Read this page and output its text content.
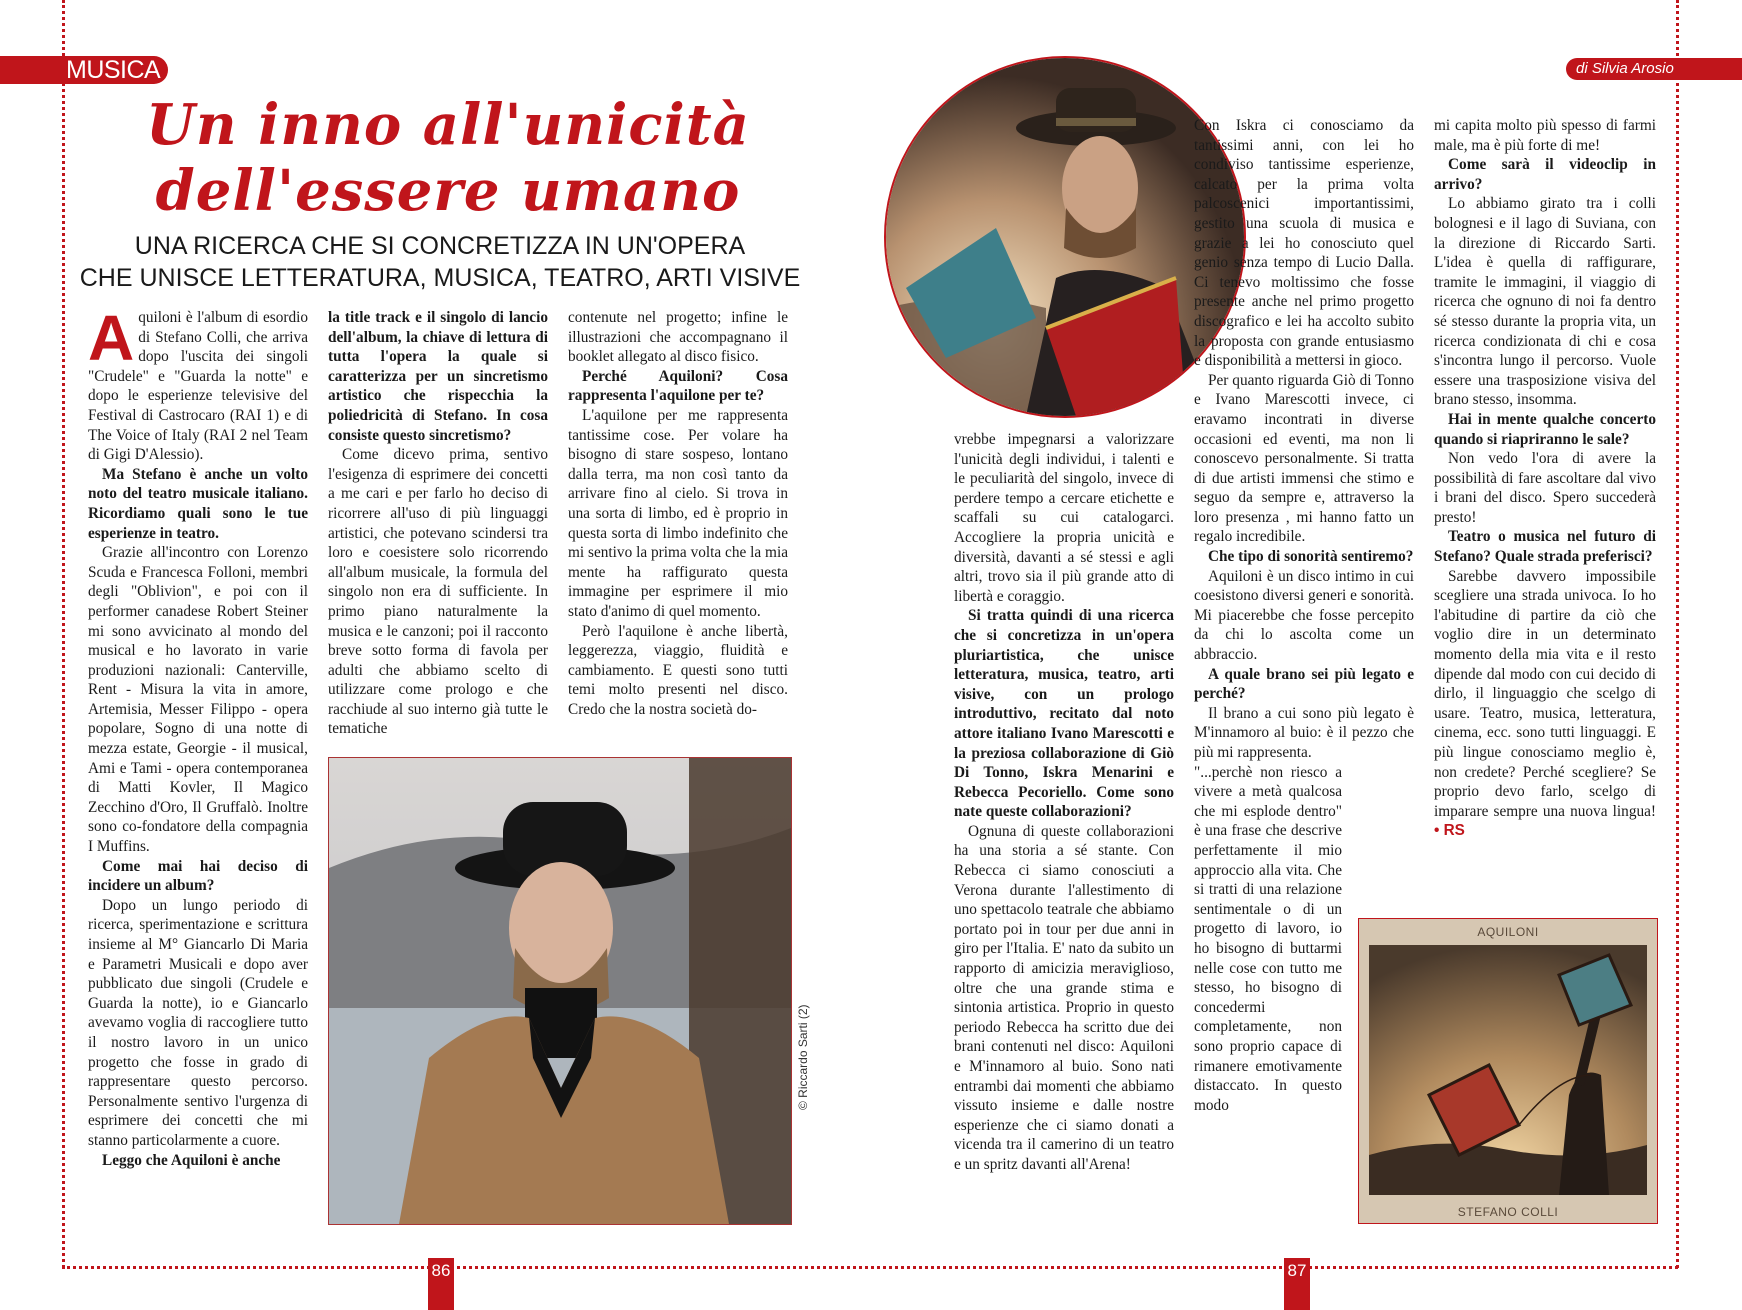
MUSICA	di Silvia Arosio
Un inno all'unicità
dell'essere umano
UNA RICERCA CHE SI CONCRETIZZA IN UN'OPERA
CHE UNISCE LETTERATURA, MUSICA, TEATRO, ARTI VISIVE

Aquiloni è l'album di esordio di Stefano Colli, che arriva dopo l'uscita dei singoli "Crudele" e "Guarda la notte" e dopo le esperienze televisive del Festival di Castrocaro (RAI 1) e di The Voice of Italy (RAI 2 nel Team di Gigi D'Alessio).

Ma Stefano è anche un volto noto del teatro musicale italiano. Ricordiamo quali sono le tue esperienze in teatro.

Grazie all'incontro con Lorenzo Scuda e Francesca Folloni, membri degli "Oblivion", e poi con il performer canadese Robert Steiner mi sono avvicinato al mondo del musical e ho lavorato in varie produzioni nazionali: Canterville, Rent - Misura la vita in amore, Artemisia, Messer Filippo - opera popolare, Sogno di una notte di mezza estate, Georgie - il musical, Ami e Tami - opera contemporanea di Matti Kovler, Il Magico Zecchino d'Oro, Il Gruffalò. Inoltre sono co-fondatore della compagnia I Muffins.

Come mai hai deciso di incidere un album?

Dopo un lungo periodo di ricerca, sperimentazione e scrittura insieme al M° Giancarlo Di Maria e Parametri Musicali e dopo aver pubblicato due singoli (Crudele e Guarda la notte), io e Giancarlo avevamo voglia di raccogliere tutto il nostro lavoro in un unico progetto che fosse in grado di rappresentare questo percorso. Personalmente sentivo l'urgenza di esprimere dei concetti che mi stanno particolarmente a cuore.

Leggo che Aquiloni è anche

la title track e il singolo di lancio dell'album, la chiave di lettura di tutta l'opera la quale si caratterizza per un sincretismo artistico che rispecchia la poliedricità di Stefano. In cosa consiste questo sincretismo?

Come dicevo prima, sentivo l'esigenza di esprimere dei concetti a me cari e per farlo ho deciso di ricorrere all'uso di più linguaggi artistici, che potevano scindersi tra loro e coesistere solo ricorrendo all'album musicale, la formula del singolo non era di sufficiente. In primo piano naturalmente la musica e le canzoni; poi il racconto breve sotto forma di favola per adulti che abbiamo scelto di utilizzare come prologo e che racchiude al suo interno già tutte le tematiche

contenute nel progetto; infine le illustrazioni che accompagnano il booklet allegato al disco fisico.

Perché Aquiloni? Cosa rappresenta l'aquilone per te?

L'aquilone per me rappresenta tantissime cose. Per volare ha bisogno di stare sospeso, lontano dalla terra, ma non così tanto da arrivare fino al cielo. Si trova in una sorta di limbo, ed è proprio in questa sorta di limbo indefinito che mi sentivo la prima volta che la mia mente ha raffigurato questa immagine per esprimere il mio stato d'animo di quel momento.

Però l'aquilone è anche libertà, leggerezza, viaggio, fluidità e cambiamento. E questi sono tutti temi molto presenti nel disco. Credo che la nostra società do-

© Riccardo Sarti (2)

vrebbe impegnarsi a valorizzare l'unicità degli individui, i talenti e le peculiarità del singolo, invece di perdere tempo a cercare etichette e scaffali su cui catalogarci. Accogliere la propria unicità e diversità, davanti a sé stessi e agli altri, trovo sia il più grande atto di libertà e coraggio.

Si tratta quindi di una ricerca che si concretizza in un'opera pluriartistica, che unisce letteratura, musica, teatro, arti visive, con un prologo introduttivo, recitato dal noto attore italiano Ivano Marescotti e la preziosa collaborazione di Giò Di Tonno, Iskra Menarini e Rebecca Pecoriello. Come sono nate queste collaborazioni?

Ognuna di queste collaborazioni ha una storia a sé stante. Con Rebecca ci siamo conosciuti a Verona durante l'allestimento di uno spettacolo teatrale che abbiamo portato poi in tour per due anni in giro per l'Italia. E' nato da subito un rapporto di amicizia meraviglioso, oltre che una grande stima e sintonia artistica. Proprio in questo periodo Rebecca ha scritto due dei brani contenuti nel disco: Aquiloni e M'innamoro al buio. Sono nati entrambi dai momenti che abbiamo vissuto insieme e dalle nostre esperienze che ci siamo donati a vicenda tra il camerino di un teatro e un spritz davanti all'Arena!

Con Iskra ci conosciamo da tantissimi anni, con lei ho condiviso tantissime esperienze, calcato per la prima volta palcoscenici importantissimi, gestito una scuola di musica e grazie a lei ho conosciuto quel genio senza tempo di Lucio Dalla. Ci tenevo moltissimo che fosse presente anche nel primo progetto discografico e lei ha accolto subito la proposta con grande entusiasmo e disponibilità a mettersi in gioco.

Per quanto riguarda Giò di Tonno e Ivano Marescotti invece, ci eravamo incontrati in diverse occasioni ed eventi, ma non li conoscevo personalmente. Si tratta di due artisti immensi che stimo e seguo da sempre e, attraverso la loro presenza , mi hanno fatto un regalo incredibile.

Che tipo di sonorità sentiremo?

Aquiloni è un disco intimo in cui coesistono diversi generi e sonorità. Mi piacerebbe che fosse percepito da chi lo ascolta come un abbraccio.

A quale brano sei più legato e perché?

Il brano a cui sono più legato è M'innamoro al buio: è il pezzo che più mi rappresenta.

"...perchè non riesco a vivere a metà qualcosa che mi esplode dentro" è una frase che descrive perfettamente il mio approccio alla vita. Che si tratti di una relazione sentimentale o di un progetto di lavoro, io ho bisogno di buttarmi nelle cose con tutto me stesso, ho bisogno di concedermi completamente, non sono proprio capace di rimanere emotivamente distaccato. In questo modo

mi capita molto più spesso di farmi male, ma è più forte di me!

Come sarà il videoclip in arrivo?

Lo abbiamo girato tra i colli bolognesi e il lago di Suviana, con la direzione di Riccardo Sarti. L'idea è quella di raffigurare, tramite le immagini, il viaggio di ricerca che ognuno di noi fa dentro sé stesso durante la propria vita, un ricerca condizionata di chi e cosa s'incontra lungo il percorso. Vuole essere una trasposizione visiva del brano stesso, insomma.

Hai in mente qualche concerto quando si riapriranno le sale?

Non vedo l'ora di avere la possibilità di fare ascoltare dal vivo i brani del disco. Spero succederà presto!

Teatro o musica nel futuro di Stefano? Quale strada preferisci?

Sarebbe davvero impossibile scegliere una strada univoca. Io ho l'abitudine di partire da ciò che voglio dire in un determinato momento della mia vita e il resto dipende dal modo con cui decido di dirlo, il linguaggio che scelgo di usare. Teatro, musica, letteratura, cinema, ecc. sono tutti linguaggi. E più lingue conosciamo meglio è, non credete? Perché scegliere? Se proprio devo farlo, scelgo di imparare sempre una nuova lingua! • RS

AQUILONI
STEFANO COLLI
86	87
